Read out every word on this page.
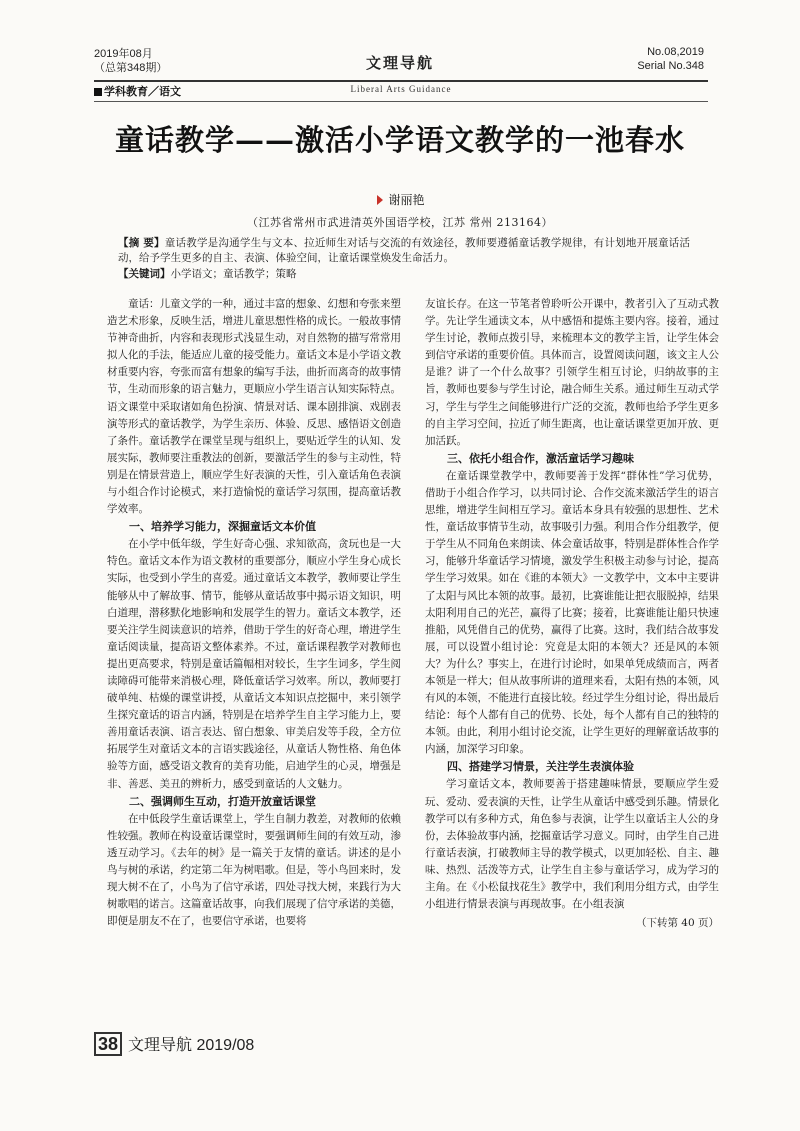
2019年08月
（总第348期）	文理导航
No.08,2019
Serial No.348
学科教育／语文	Liberal Arts Guidance
童话教学——激活小学语文教学的一池春水
谢丽艳
（江苏省常州市武进清英外国语学校，江苏 常州 213164）
【摘 要】童话教学是沟通学生与文本、拉近师生对话与交流的有效途径，教师要遵循童话教学规律，有计划地开展童话活动，给予学生更多的自主、表演、体验空间，让童话课堂焕发生命活力。
【关键词】小学语文；童话教学；策略

童话：儿童文学的一种，通过丰富的想象、幻想和夸张来塑造艺术形象，反映生活，增进儿童思想性格的成长。一般故事情节神奇曲折，内容和表现形式浅显生动，对自然物的描写常常用拟人化的手法，能适应儿童的接受能力。童话文本是小学语文教材重要内容，夸张而富有想象的编写手法，曲折而离奇的故事情节，生动而形象的语言魅力，更顺应小学生语言认知实际特点。语文课堂中采取诸如角色扮演、情景对话、课本剧排演、戏剧表演等形式的童话教学，为学生亲历、体验、反思、感悟语文创造了条件。童话教学在课堂呈现与组织上，要贴近学生的认知、发展实际，教师要注重教法的创新，要激活学生的参与主动性，特别是在情景营造上，顺应学生好表演的天性，引入童话角色表演与小组合作讨论模式，来打造愉悦的童话学习氛围，提高童话教学效率。

一、培养学习能力，深掘童话文本价值

在小学中低年级，学生好奇心强、求知欲高，贪玩也是一大特色。童话文本作为语文教材的重要部分，顺应小学生身心成长实际，也受到小学生的喜爱。通过童话文本教学，教师要让学生能够从中了解故事、情节，能够从童话故事中揭示语文知识，明白道理，潜移默化地影响和发展学生的智力。童话文本教学，还要关注学生阅读意识的培养，借助于学生的好奇心理，增进学生童话阅读量，提高语文整体素养。不过，童话课程教学对教师也提出更高要求，特别是童话篇幅相对较长，生字生词多，学生阅读障碍可能带来消极心理，降低童话学习效率。所以，教师要打破单纯、枯燥的课堂讲授，从童话文本知识点挖掘中，来引领学生探究童话的语言内涵，特别是在培养学生自主学习能力上，要善用童话表演、语言表达、留白想象、审美启发等手段，全方位拓展学生对童话文本的言语实践途径，从童话人物性格、角色体验等方面，感受语文教育的美育功能，启迪学生的心灵，增强是非、善恶、美丑的辨析力，感受到童话的人文魅力。

二、强调师生互动，打造开放童话课堂

在中低段学生童话课堂上，学生自制力教差，对教师的依赖性较强。教师在构设童话课堂时，要强调师生间的有效互动，渗透互动学习。《去年的树》是一篇关于友情的童话。讲述的是小鸟与树的承诺，约定第二年为树唱歌。但是，等小鸟回来时，发现大树不在了，小鸟为了信守承诺，四处寻找大树，来践行为大树歌唱的诺言。这篇童话故事，向我们展现了信守承诺的美德，即便是朋友不在了，也要信守承诺，也要将

友谊长存。在这一节笔者曾聆听公开课中，教者引入了互动式教学。先让学生通读文本，从中感悟和提炼主要内容。接着，通过学生讨论，教师点拨引导，来梳理本文的教学主旨，让学生体会到信守承诺的重要价值。具体而言，设置阅读问题，该文主人公是谁？讲了一个什么故事？引领学生相互讨论，归纳故事的主旨，教师也要参与学生讨论，融合师生关系。通过师生互动式学习，学生与学生之间能够进行广泛的交流，教师也给予学生更多的自主学习空间，拉近了师生距离，也让童话课堂更加开放、更加活跃。

三、依托小组合作，激活童话学习趣味

在童话课堂教学中，教师要善于发挥“群体性”学习优势，借助于小组合作学习，以共同讨论、合作交流来激活学生的语言思维，增进学生间相互学习。童话本身具有较强的思想性、艺术性，童话故事情节生动，故事吸引力强。利用合作分组教学，便于学生从不同角色来朗读、体会童话故事，特别是群体性合作学习，能够升华童话学习情境，激发学生积极主动参与讨论，提高学生学习效果。如在《谁的本领大》一文教学中，文本中主要讲了太阳与风比本领的故事。最初，比赛谁能让把衣服脱掉，结果太阳利用自己的光芒，赢得了比赛；接着，比赛谁能让船只快速推船，风凭借自己的优势，赢得了比赛。这时，我们结合故事发展，可以设置小组讨论：究竟是太阳的本领大？还是风的本领大？为什么？事实上，在进行讨论时，如果单凭成绩而言，两者本领是一样大；但从故事所讲的道理来看，太阳有热的本领，风有风的本领，不能进行直接比较。经过学生分组讨论，得出最后结论：每个人都有自己的优势、长处，每个人都有自己的独特的本领。由此，利用小组讨论交流，让学生更好的理解童话故事的内涵，加深学习印象。

四、搭建学习情景，关注学生表演体验

学习童话文本，教师要善于搭建趣味情景，要顺应学生爱玩、爱动、爱表演的天性，让学生从童话中感受到乐趣。情景化教学可以有多种方式，角色参与表演，让学生以童话主人公的身份，去体验故事内涵，挖掘童话学习意义。同时，由学生自己进行童话表演，打破教师主导的教学模式，以更加轻松、自主、趣味、热烈、活泼等方式，让学生自主参与童话学习，成为学习的主角。在《小松鼠找花生》教学中，我们利用分组方式，由学生小组进行情景表演与再现故事。在小组表演

（下转第 40 页）
38 文理导航 2019/08
